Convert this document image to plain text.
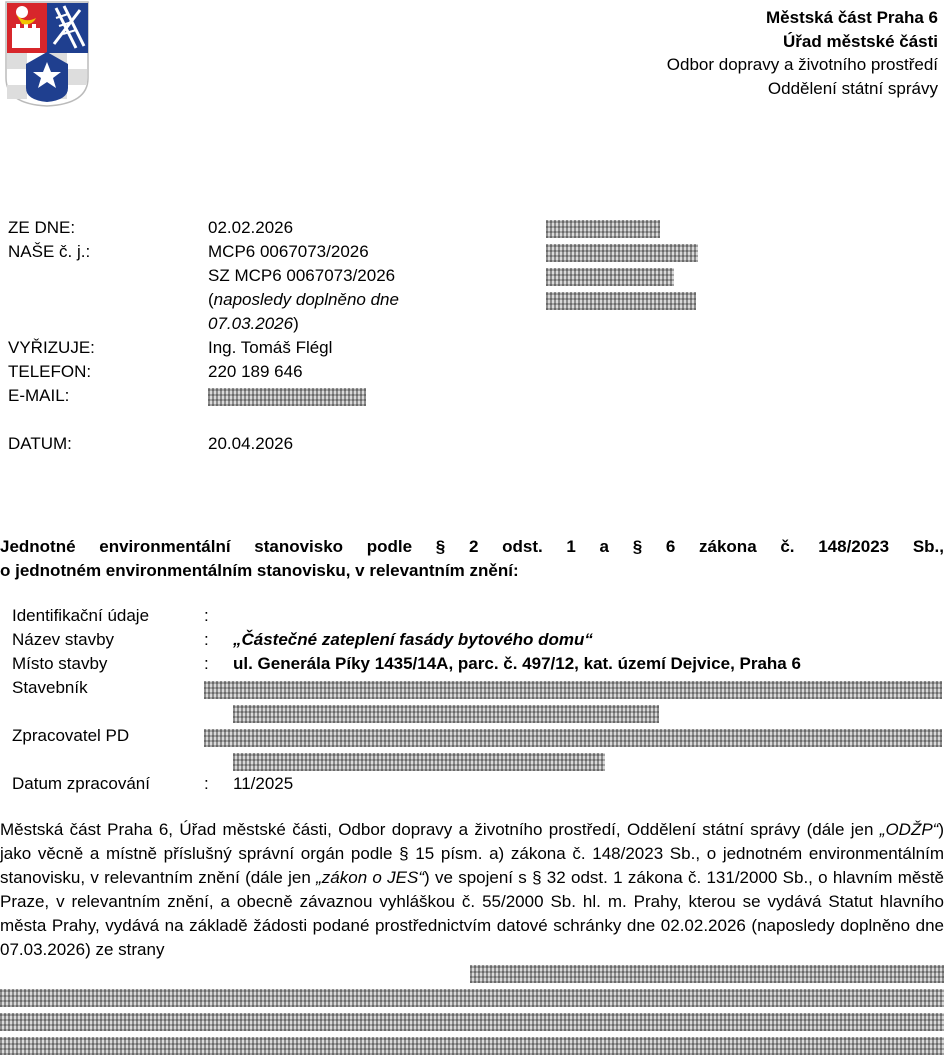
Městská část Praha 6
Úřad městské části
Odbor dopravy a životního prostředí
Oddělení státní správy
ZE DNE:	02.02.2026
NAŠE č. j.:	MCP6 0067073/2026
SZ MCP6 0067073/2026
(naposledy doplněno dne
07.03.2026)
VYŘIZUJE:	Ing. Tomáš Flégl
TELEFON:	220 189 646
E-MAIL:
DATUM:	20.04.2026
Jednotné environmentální stanovisko podle § 2 odst. 1 a § 6 zákona č. 148/2023 Sb.,
o jednotném environmentálním stanovisku, v relevantním znění:
Identifikační údaje	:
Název stavby	: „Částečné zateplení fasády bytového domu“
Místo stavby	: ul. Generála Píky 1435/14A, parc. č. 497/12, kat. území Dejvice, Praha 6
Stavebník
Zpracovatel PD
Datum zpracování	: 11/2025
Městská část Praha 6, Úřad městské části, Odbor dopravy a životního prostředí, Oddělení státní správy (dále jen „ODŽP“) jako věcně a místně příslušný správní orgán podle § 15 písm. a) zákona č. 148/2023 Sb., o jednotném environmentálním stanovisku, v relevantním znění (dále jen „zákon o JES“) ve spojení s § 32 odst. 1 zákona č. 131/2000 Sb., o hlavním městě Praze, v relevantním znění, a obecně závaznou vyhláškou č. 55/2000 Sb. hl. m. Prahy, kterou se vydává Statut hlavního města Prahy, vydává na základě žádosti podané prostřednictvím datové schránky dne 02.02.2026 (naposledy doplněno dne 07.03.2026) ze strany
